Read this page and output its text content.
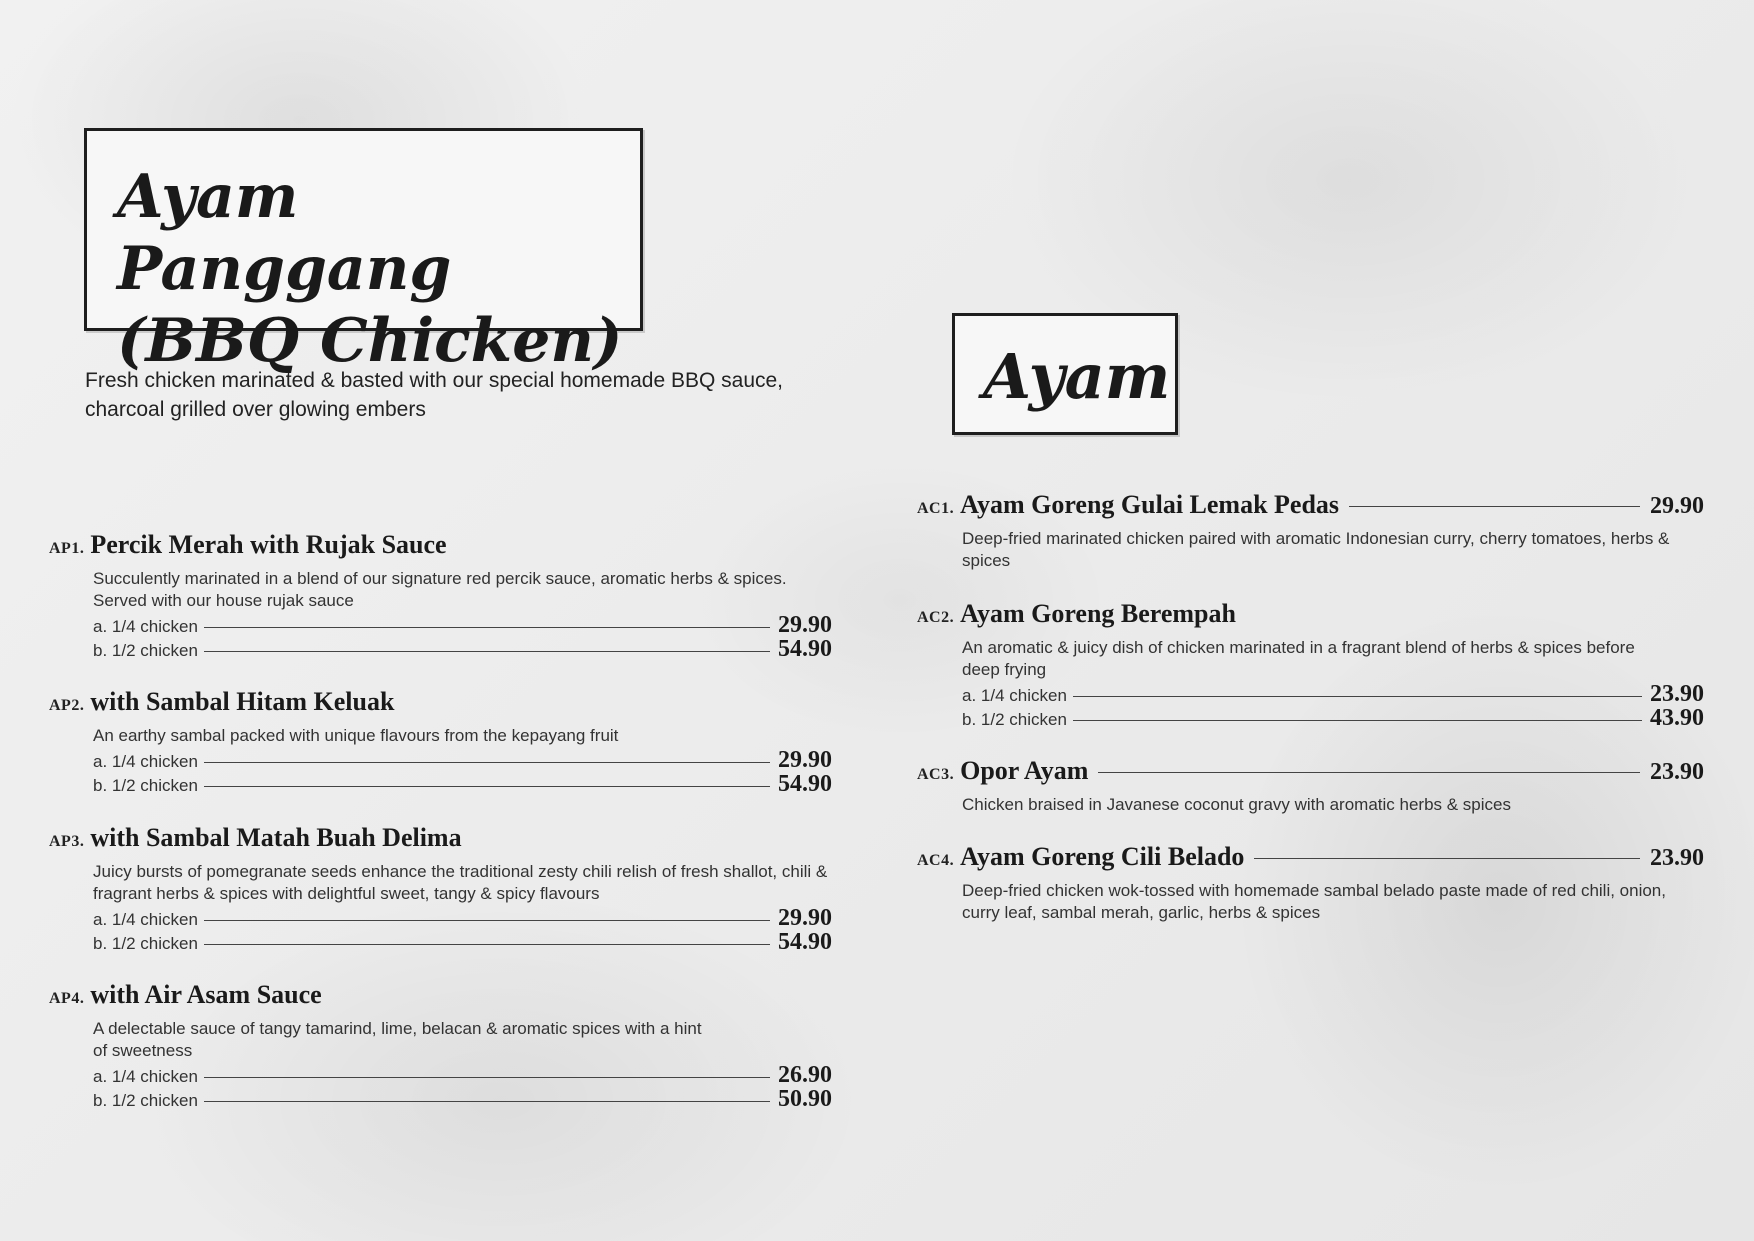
Ayam Panggang (BBQ Chicken)
Fresh chicken marinated & basted with our special homemade BBQ sauce, charcoal grilled over glowing embers
AP1. Percik Merah with Rujak Sauce

Succulently marinated in a blend of our signature red percik sauce, aromatic herbs & spices. Served with our house rujak sauce

a. 1/4 chicken	29.90
b. 1/2 chicken	54.90
AP2. with Sambal Hitam Keluak

An earthy sambal packed with unique flavours from the kepayang fruit

a. 1/4 chicken	29.90
b. 1/2 chicken	54.90
AP3. with Sambal Matah Buah Delima

Juicy bursts of pomegranate seeds enhance the traditional zesty chili relish of fresh shallot, chili & fragrant herbs & spices with delightful sweet, tangy & spicy flavours

a. 1/4 chicken	29.90
b. 1/2 chicken	54.90
AP4. with Air Asam Sauce

A delectable sauce of tangy tamarind, lime, belacan & aromatic spices with a hint of sweetness

a. 1/4 chicken	26.90
b. 1/2 chicken	50.90
Ayam
AC1. Ayam Goreng Gulai Lemak Pedas	29.90

Deep-fried marinated chicken paired with aromatic Indonesian curry, cherry tomatoes, herbs & spices

AC2. Ayam Goreng Berempah

An aromatic & juicy dish of chicken marinated in a fragrant blend of herbs & spices before deep frying

a. 1/4 chicken	23.90
b. 1/2 chicken	43.90
AC3. Opor Ayam	23.90

Chicken braised in Javanese coconut gravy with aromatic herbs & spices

AC4. Ayam Goreng Cili Belado	23.90

Deep-fried chicken wok-tossed with homemade sambal belado paste made of red chili, onion, curry leaf, sambal merah, garlic, herbs & spices
